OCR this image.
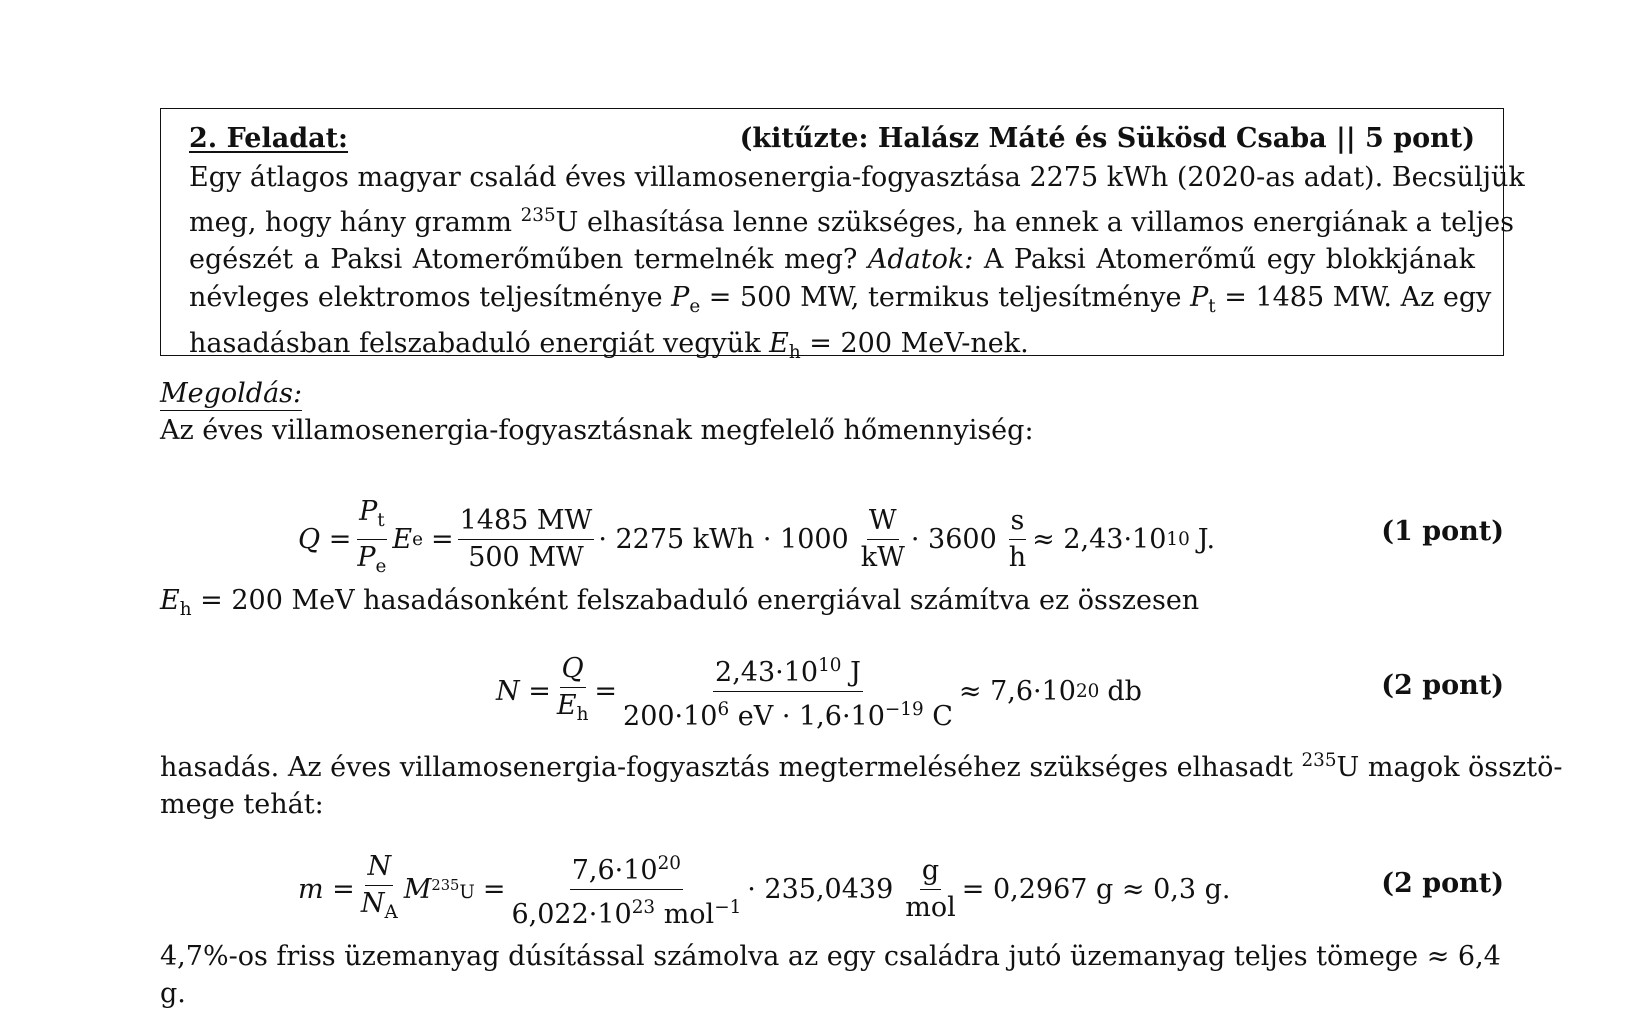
2. Feladat:	(kitűzte: Halász Máté és Sükösd Csaba || 5 pont)
Egy átlagos magyar család éves villamosenergia-fogyasztása 2275 kWh (2020-as adat). Becsüljük
meg, hogy hány gramm $^{235}$U elhasítása lenne szükséges, ha ennek a villamos energiának a teljes
egészét a Paksi Atomerőműben termelnék meg? Adatok: A Paksi Atomerőmű egy blokkjának
névleges elektromos teljesítménye $P_e = 500$ MW, termikus teljesítménye $P_t = 1485$ MW. Az egy
hasadásban felszabaduló energiát vegyük $E_h = 200$ MeV-nek.
Megoldás:
Az éves villamosenergia-fogyasztásnak megfelelő hőmennyiség:
$Q = \frac{P_t}{P_e}$ E $e = \frac{1485 MW}{500 MW} \cdot 2275$ kWh · $1000 \frac{W}{kW} \cdot 3600 \frac{s}{h} \approx 2,43\cdot 10$ 10 J.	(1 pont)
$E_h = 200$ MeV hasadásonként felszabaduló energiával számítva ez összesen
$N = \frac{Q}{E_h} = \frac{2,43\cdot 10^{10} J}{200\cdot 10^6 eV \cdot 1,6\cdot 10^{-19} C} \approx 7,6\cdot 10$ 20 db	(2 pont)
hasadás. Az éves villamosenergia-fogyasztás megtermeléséhez szükséges elhasadt $^{235}$U magok össztö-
mege tehát:
$m = \frac{N}{N_A}$ M $^{235}U = \frac{7,6\cdot 10^{20}}{6,022\cdot 10^{23} mol^{-1}} \cdot 235,0439 \frac{g}{\text{mol}} = 0,2967$ g ≈ 0,3 g.	(2 pont)
4,7%-os friss üzemanyag dúsítással számolva az egy családra jutó üzemanyag teljes tömege ≈ 6,4 g.
